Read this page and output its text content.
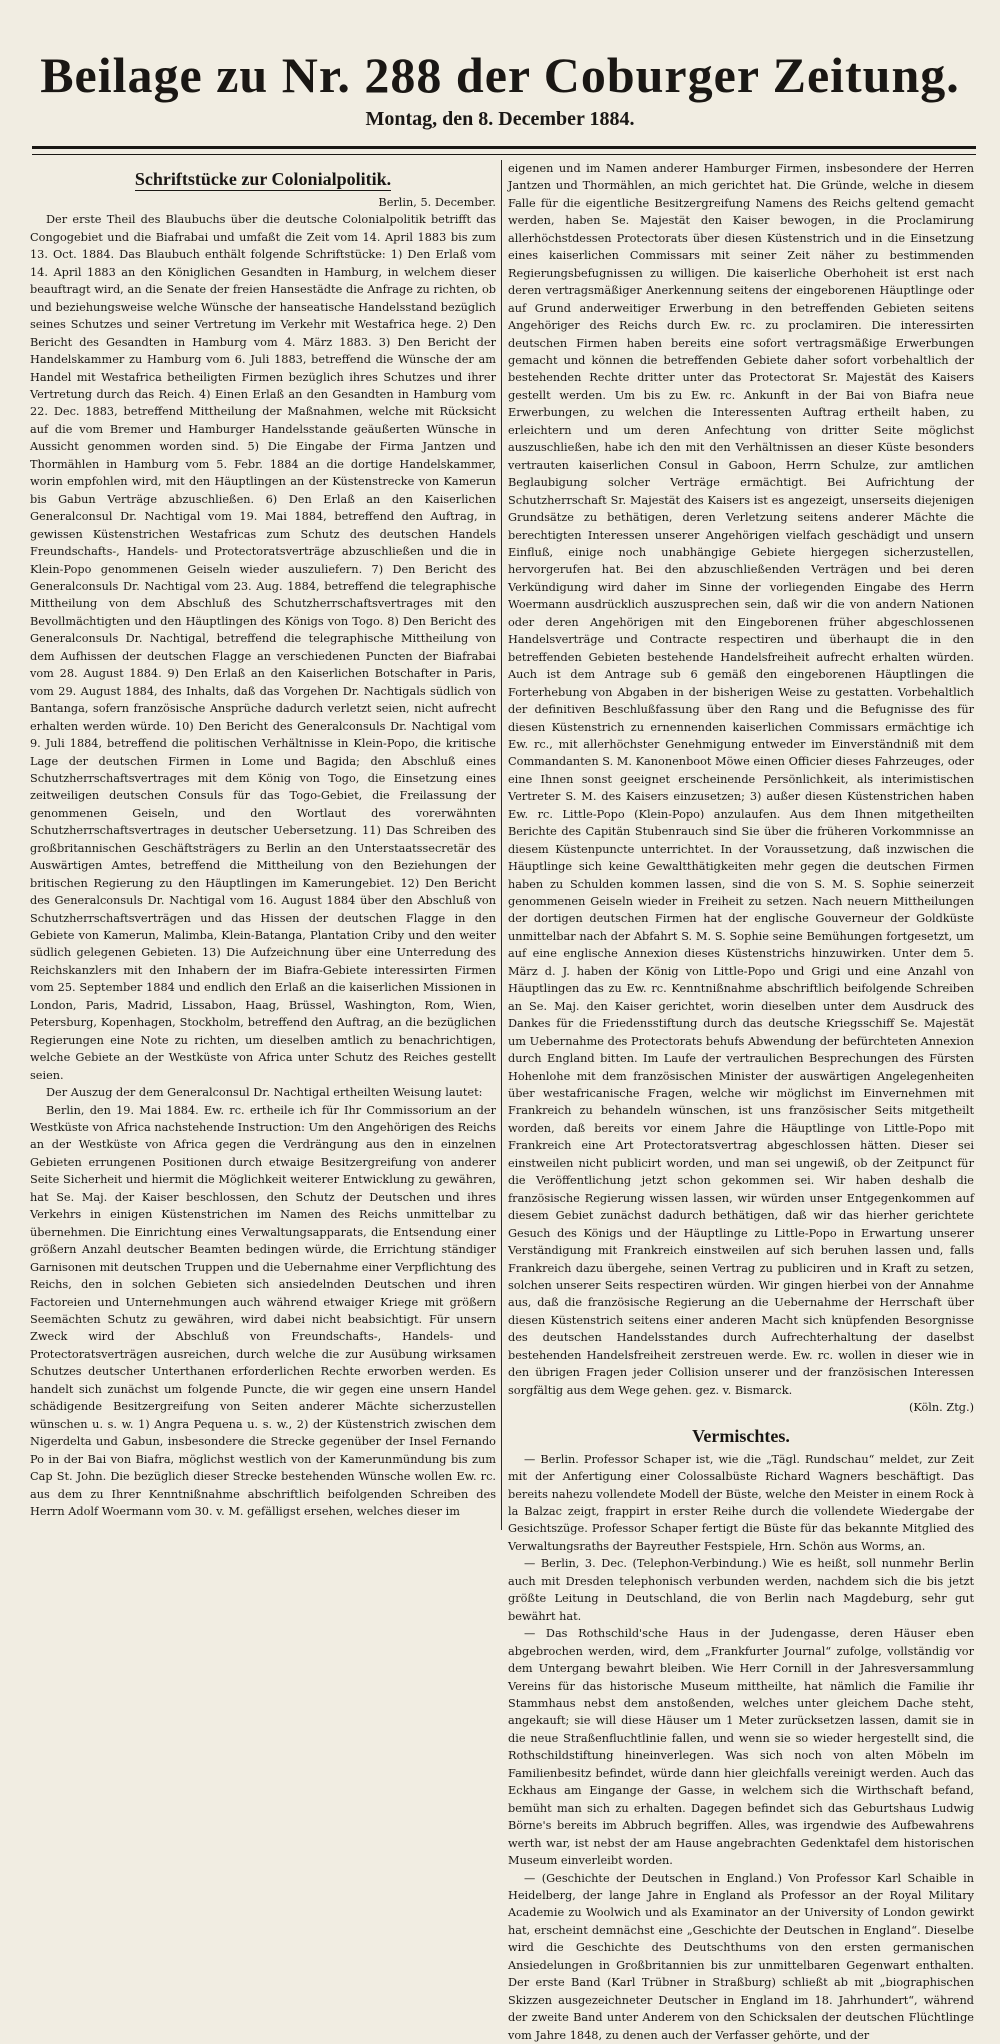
Beilage zu Nr. 288 der Coburger Zeitung.
Montag, den 8. December 1884.
Schriftstücke zur Colonialpolitik.

Berlin, 5. December.

Der erste Theil des Blaubuchs über die deutsche Colonialpolitik betrifft das Congogebiet und die Biafrabai und umfaßt die Zeit vom 14. April 1883 bis zum 13. Oct. 1884. Das Blaubuch enthält folgende Schriftstücke: 1) Den Erlaß vom 14. April 1883 an den Königlichen Gesandten in Hamburg, in welchem dieser beauftragt wird, an die Senate der freien Hansestädte die Anfrage zu richten, ob und beziehungsweise welche Wünsche der hanseatische Handelsstand bezüglich seines Schutzes und seiner Vertretung im Verkehr mit Westafrica hege. 2) Den Bericht des Gesandten in Hamburg vom 4. März 1883. 3) Den Bericht der Handelskammer zu Hamburg vom 6. Juli 1883, betreffend die Wünsche der am Handel mit Westafrica betheiligten Firmen bezüglich ihres Schutzes und ihrer Vertretung durch das Reich. 4) Einen Erlaß an den Gesandten in Hamburg vom 22. Dec. 1883, betreffend Mittheilung der Maßnahmen, welche mit Rücksicht auf die vom Bremer und Hamburger Handelsstande geäußerten Wünsche in Aussicht genommen worden sind. 5) Die Eingabe der Firma Jantzen und Thormählen in Hamburg vom 5. Febr. 1884 an die dortige Handelskammer, worin empfohlen wird, mit den Häuptlingen an der Küstenstrecke von Kamerun bis Gabun Verträge abzuschließen. 6) Den Erlaß an den Kaiserlichen Generalconsul Dr. Nachtigal vom 19. Mai 1884, betreffend den Auftrag, in gewissen Küstenstrichen Westafricas zum Schutz des deutschen Handels Freundschafts-, Handels- und Protectoratsverträge abzuschließen und die in Klein-Popo genommenen Geiseln wieder auszuliefern. 7) Den Bericht des Generalconsuls Dr. Nachtigal vom 23. Aug. 1884, betreffend die telegraphische Mittheilung von dem Abschluß des Schutzherrschaftsvertrages mit den Bevollmächtigten und den Häuptlingen des Königs von Togo. 8) Den Bericht des Generalconsuls Dr. Nachtigal, betreffend die telegraphische Mittheilung von dem Aufhissen der deutschen Flagge an verschiedenen Puncten der Biafrabai vom 28. August 1884. 9) Den Erlaß an den Kaiserlichen Botschafter in Paris, vom 29. August 1884, des Inhalts, daß das Vorgehen Dr. Nachtigals südlich von Bantanga, sofern französische Ansprüche dadurch verletzt seien, nicht aufrecht erhalten werden würde. 10) Den Bericht des Generalconsuls Dr. Nachtigal vom 9. Juli 1884, betreffend die politischen Verhältnisse in Klein-Popo, die kritische Lage der deutschen Firmen in Lome und Bagida; den Abschluß eines Schutzherrschaftsvertrages mit dem König von Togo, die Einsetzung eines zeitweiligen deutschen Consuls für das Togo-Gebiet, die Freilassung der genommenen Geiseln, und den Wortlaut des vorerwähnten Schutzherrschaftsvertrages in deutscher Uebersetzung. 11) Das Schreiben des großbritannischen Geschäftsträgers zu Berlin an den Unterstaatssecretär des Auswärtigen Amtes, betreffend die Mittheilung von den Beziehungen der britischen Regierung zu den Häuptlingen im Kamerungebiet. 12) Den Bericht des Generalconsuls Dr. Nachtigal vom 16. August 1884 über den Abschluß von Schutzherrschaftsverträgen und das Hissen der deutschen Flagge in den Gebiete von Kamerun, Malimba, Klein-Batanga, Plantation Criby und den weiter südlich gelegenen Gebieten. 13) Die Aufzeichnung über eine Unterredung des Reichskanzlers mit den Inhabern der im Biafra-Gebiete interessirten Firmen vom 25. September 1884 und endlich den Erlaß an die kaiserlichen Missionen in London, Paris, Madrid, Lissabon, Haag, Brüssel, Washington, Rom, Wien, Petersburg, Kopenhagen, Stockholm, betreffend den Auftrag, an die bezüglichen Regierungen eine Note zu richten, um dieselben amtlich zu benachrichtigen, welche Gebiete an der Westküste von Africa unter Schutz des Reiches gestellt seien.

Der Auszug der dem Generalconsul Dr. Nachtigal ertheilten Weisung lautet:

Berlin, den 19. Mai 1884. Ew. rc. ertheile ich für Ihr Commissorium an der Westküste von Africa nachstehende Instruction: Um den Angehörigen des Reichs an der Westküste von Africa gegen die Verdrängung aus den in einzelnen Gebieten errungenen Positionen durch etwaige Besitzergreifung von anderer Seite Sicherheit und hiermit die Möglichkeit weiterer Entwicklung zu gewähren, hat Se. Maj. der Kaiser beschlossen, den Schutz der Deutschen und ihres Verkehrs in einigen Küstenstrichen im Namen des Reichs unmittelbar zu übernehmen. Die Einrichtung eines Verwaltungsapparats, die Entsendung einer größern Anzahl deutscher Beamten bedingen würde, die Errichtung ständiger Garnisonen mit deutschen Truppen und die Uebernahme einer Verpflichtung des Reichs, den in solchen Gebieten sich ansiedelnden Deutschen und ihren Factoreien und Unternehmungen auch während etwaiger Kriege mit größern Seemächten Schutz zu gewähren, wird dabei nicht beabsichtigt. Für unsern Zweck wird der Abschluß von Freundschafts-, Handels- und Protectoratsverträgen ausreichen, durch welche die zur Ausübung wirksamen Schutzes deutscher Unterthanen erforderlichen Rechte erworben werden. Es handelt sich zunächst um folgende Puncte, die wir gegen eine unsern Handel schädigende Besitzergreifung von Seiten anderer Mächte sicherzustellen wünschen u. s. w. 1) Angra Pequena u. s. w., 2) der Küstenstrich zwischen dem Nigerdelta und Gabun, insbesondere die Strecke gegenüber der Insel Fernando Po in der Bai von Biafra, möglichst westlich von der Kamerunmündung bis zum Cap St. John. Die bezüglich dieser Strecke bestehenden Wünsche wollen Ew. rc. aus dem zu Ihrer Kenntnißnahme abschriftlich beifolgenden Schreiben des Herrn Adolf Woermann vom 30. v. M. gefälligst ersehen, welches dieser im

eigenen und im Namen anderer Hamburger Firmen, insbesondere der Herren Jantzen und Thormählen, an mich gerichtet hat. Die Gründe, welche in diesem Falle für die eigentliche Besitzergreifung Namens des Reichs geltend gemacht werden, haben Se. Majestät den Kaiser bewogen, in die Proclamirung allerhöchstdessen Protectorats über diesen Küstenstrich und in die Einsetzung eines kaiserlichen Commissars mit seiner Zeit näher zu bestimmenden Regierungsbefugnissen zu willigen. Die kaiserliche Oberhoheit ist erst nach deren vertragsmäßiger Anerkennung seitens der eingeborenen Häuptlinge oder auf Grund anderweitiger Erwerbung in den betreffenden Gebieten seitens Angehöriger des Reichs durch Ew. rc. zu proclamiren. Die interessirten deutschen Firmen haben bereits eine sofort vertragsmäßige Erwerbungen gemacht und können die betreffenden Gebiete daher sofort vorbehaltlich der bestehenden Rechte dritter unter das Protectorat Sr. Majestät des Kaisers gestellt werden. Um bis zu Ew. rc. Ankunft in der Bai von Biafra neue Erwerbungen, zu welchen die Interessenten Auftrag ertheilt haben, zu erleichtern und um deren Anfechtung von dritter Seite möglichst auszuschließen, habe ich den mit den Verhältnissen an dieser Küste besonders vertrauten kaiserlichen Consul in Gaboon, Herrn Schulze, zur amtlichen Beglaubigung solcher Verträge ermächtigt. Bei Aufrichtung der Schutzherrschaft Sr. Majestät des Kaisers ist es angezeigt, unserseits diejenigen Grundsätze zu bethätigen, deren Verletzung seitens anderer Mächte die berechtigten Interessen unserer Angehörigen vielfach geschädigt und unsern Einfluß, einige noch unabhängige Gebiete hiergegen sicherzustellen, hervorgerufen hat. Bei den abzuschließenden Verträgen und bei deren Verkündigung wird daher im Sinne der vorliegenden Eingabe des Herrn Woermann ausdrücklich auszusprechen sein, daß wir die von andern Nationen oder deren Angehörigen mit den Eingeborenen früher abgeschlossenen Handelsverträge und Contracte respectiren und überhaupt die in den betreffenden Gebieten bestehende Handelsfreiheit aufrecht erhalten würden. Auch ist dem Antrage sub 6 gemäß den eingeborenen Häuptlingen die Forterhebung von Abgaben in der bisherigen Weise zu gestatten. Vorbehaltlich der definitiven Beschlußfassung über den Rang und die Befugnisse des für diesen Küstenstrich zu ernennenden kaiserlichen Commissars ermächtige ich Ew. rc., mit allerhöchster Genehmigung entweder im Einverständniß mit dem Commandanten S. M. Kanonenboot Möwe einen Officier dieses Fahrzeuges, oder eine Ihnen sonst geeignet erscheinende Persönlichkeit, als interimistischen Vertreter S. M. des Kaisers einzusetzen; 3) außer diesen Küstenstrichen haben Ew. rc. Little-Popo (Klein-Popo) anzulaufen. Aus dem Ihnen mitgetheilten Berichte des Capitän Stubenrauch sind Sie über die früheren Vorkommnisse an diesem Küstenpuncte unterrichtet. In der Voraussetzung, daß inzwischen die Häuptlinge sich keine Gewaltthätigkeiten mehr gegen die deutschen Firmen haben zu Schulden kommen lassen, sind die von S. M. S. Sophie seinerzeit genommenen Geiseln wieder in Freiheit zu setzen. Nach neuern Mittheilungen der dortigen deutschen Firmen hat der englische Gouverneur der Goldküste unmittelbar nach der Abfahrt S. M. S. Sophie seine Bemühungen fortgesetzt, um auf eine englische Annexion dieses Küstenstrichs hinzuwirken. Unter dem 5. März d. J. haben der König von Little-Popo und Grigi und eine Anzahl von Häuptlingen das zu Ew. rc. Kenntnißnahme abschriftlich beifolgende Schreiben an Se. Maj. den Kaiser gerichtet, worin dieselben unter dem Ausdruck des Dankes für die Friedensstiftung durch das deutsche Kriegsschiff Se. Majestät um Uebernahme des Protectorats behufs Abwendung der befürchteten Annexion durch England bitten. Im Laufe der vertraulichen Besprechungen des Fürsten Hohenlohe mit dem französischen Minister der auswärtigen Angelegenheiten über westafricanische Fragen, welche wir möglichst im Einvernehmen mit Frankreich zu behandeln wünschen, ist uns französischer Seits mitgetheilt worden, daß bereits vor einem Jahre die Häuptlinge von Little-Popo mit Frankreich eine Art Protectoratsvertrag abgeschlossen hätten. Dieser sei einstweilen nicht publicirt worden, und man sei ungewiß, ob der Zeitpunct für die Veröffentlichung jetzt schon gekommen sei. Wir haben deshalb die französische Regierung wissen lassen, wir würden unser Entgegenkommen auf diesem Gebiet zunächst dadurch bethätigen, daß wir das hierher gerichtete Gesuch des Königs und der Häuptlinge zu Little-Popo in Erwartung unserer Verständigung mit Frankreich einstweilen auf sich beruhen lassen und, falls Frankreich dazu übergehe, seinen Vertrag zu publiciren und in Kraft zu setzen, solchen unserer Seits respectiren würden. Wir gingen hierbei von der Annahme aus, daß die französische Regierung an die Uebernahme der Herrschaft über diesen Küstenstrich seitens einer anderen Macht sich knüpfenden Besorgnisse des deutschen Handelsstandes durch Aufrechterhaltung der daselbst bestehenden Handelsfreiheit zerstreuen werde. Ew. rc. wollen in dieser wie in den übrigen Fragen jeder Collision unserer und der französischen Interessen sorgfältig aus dem Wege gehen. gez. v. Bismarck.

(Köln. Ztg.)

Vermischtes.

— Berlin. Professor Schaper ist, wie die „Tägl. Rundschau“ meldet, zur Zeit mit der Anfertigung einer Colossalbüste Richard Wagners beschäftigt. Das bereits nahezu vollendete Modell der Büste, welche den Meister in einem Rock à la Balzac zeigt, frappirt in erster Reihe durch die vollendete Wiedergabe der Gesichtszüge. Professor Schaper fertigt die Büste für das bekannte Mitglied des Verwaltungsraths der Bayreuther Festspiele, Hrn. Schön aus Worms, an.

— Berlin, 3. Dec. (Telephon-Verbindung.) Wie es heißt, soll nunmehr Berlin auch mit Dresden telephonisch verbunden werden, nachdem sich die bis jetzt größte Leitung in Deutschland, die von Berlin nach Magdeburg, sehr gut bewährt hat.

— Das Rothschild'sche Haus in der Judengasse, deren Häuser eben abgebrochen werden, wird, dem „Frankfurter Journal“ zufolge, vollständig vor dem Untergang bewahrt bleiben. Wie Herr Cornill in der Jahresversammlung Vereins für das historische Museum mittheilte, hat nämlich die Familie ihr Stammhaus nebst dem anstoßenden, welches unter gleichem Dache steht, angekauft; sie will diese Häuser um 1 Meter zurücksetzen lassen, damit sie in die neue Straßenfluchtlinie fallen, und wenn sie so wieder hergestellt sind, die Rothschildstiftung hineinverlegen. Was sich noch von alten Möbeln im Familienbesitz befindet, würde dann hier gleichfalls vereinigt werden. Auch das Eckhaus am Eingange der Gasse, in welchem sich die Wirthschaft befand, bemüht man sich zu erhalten. Dagegen befindet sich das Geburtshaus Ludwig Börne's bereits im Abbruch begriffen. Alles, was irgendwie des Aufbewahrens werth war, ist nebst der am Hause angebrachten Gedenktafel dem historischen Museum einverleibt worden.

— (Geschichte der Deutschen in England.) Von Professor Karl Schaible in Heidelberg, der lange Jahre in England als Professor an der Royal Military Academie zu Woolwich und als Examinator an der University of London gewirkt hat, erscheint demnächst eine „Geschichte der Deutschen in England“. Dieselbe wird die Geschichte des Deutschthums von den ersten germanischen Ansiedelungen in Großbritannien bis zur unmittelbaren Gegenwart enthalten. Der erste Band (Karl Trübner in Straßburg) schließt ab mit „biographischen Skizzen ausgezeichneter Deutscher in England im 18. Jahrhundert“, während der zweite Band unter Anderem von den Schicksalen der deutschen Flüchtlinge vom Jahre 1848, zu denen auch der Verfasser gehörte, und der
